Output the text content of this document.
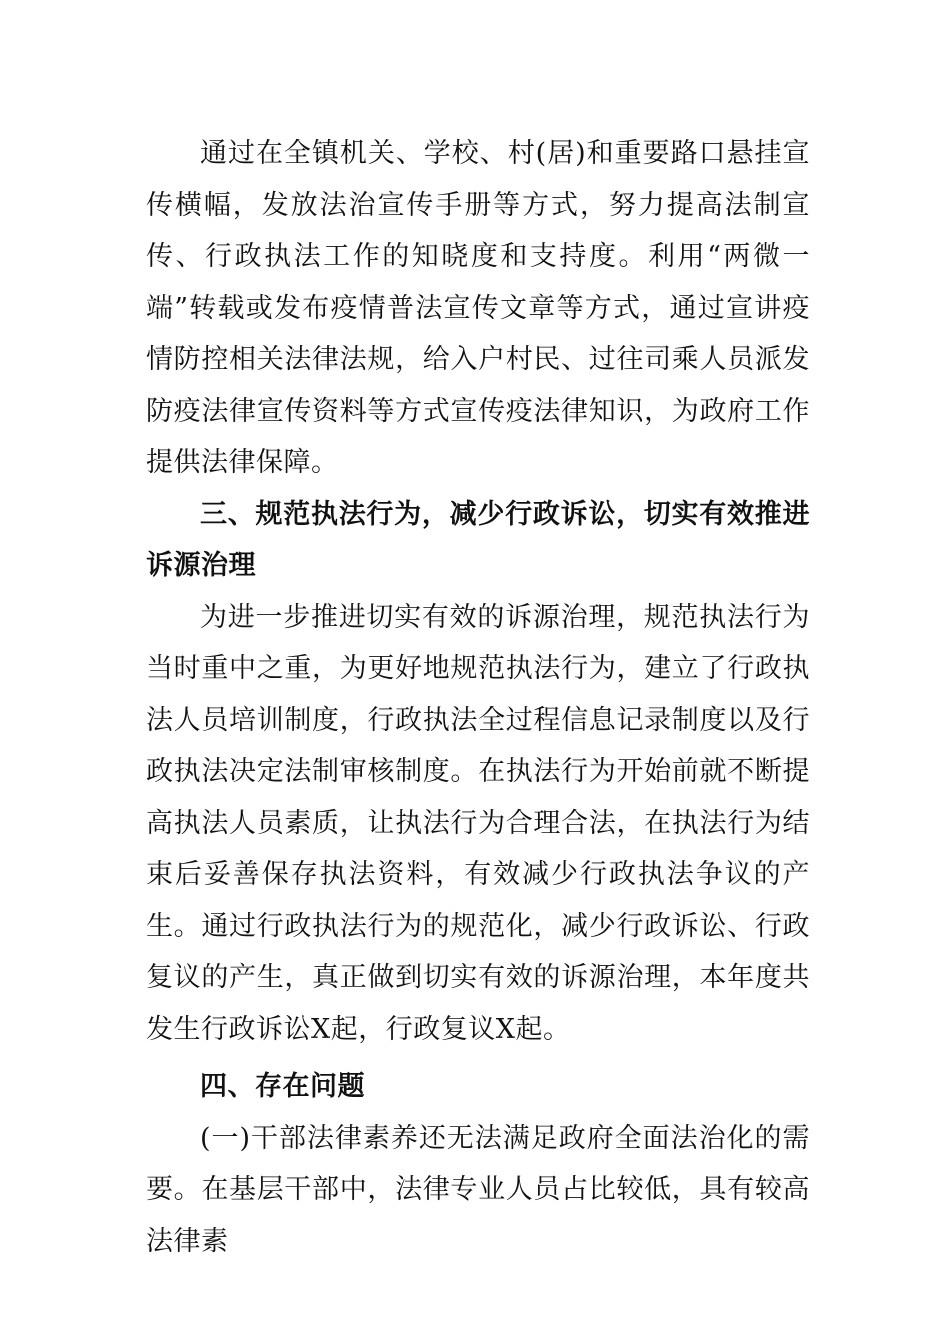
通过在全镇机关、学校、村(居)和重要路口悬挂宣传横幅，发放法治宣传手册等方式，努力提高法制宣传、行政执法工作的知晓度和支持度。利用“两微一端”转载或发布疫情普法宣传文章等方式，通过宣讲疫情防控相关法律法规，给入户村民、过往司乘人员派发防疫法律宣传资料等方式宣传疫法律知识，为政府工作提供法律保障。

三、规范执法行为，减少行政诉讼，切实有效推进诉源治理

为进一步推进切实有效的诉源治理，规范执法行为当时重中之重，为更好地规范执法行为，建立了行政执法人员培训制度，行政执法全过程信息记录制度以及行政执法决定法制审核制度。在执法行为开始前就不断提高执法人员素质，让执法行为合理合法，在执法行为结束后妥善保存执法资料，有效减少行政执法争议的产生。通过行政执法行为的规范化，减少行政诉讼、行政复议的产生，真正做到切实有效的诉源治理，本年度共发生行政诉讼X起，行政复议X起。

四、存在问题

(一)干部法律素养还无法满足政府全面法治化的需要。在基层干部中，法律专业人员占比较低，具有较高法律素
